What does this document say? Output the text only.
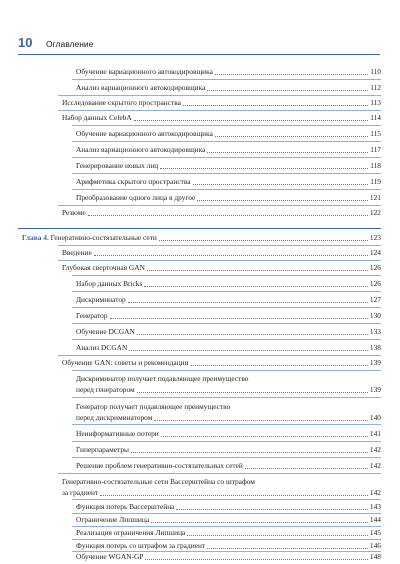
10 Оглавление
Обучение вариационного автокодировщика	110
Анализ вариационного автокодировщика	112
Исследование скрытого пространства	113
Набор данных CelebA	114
Обучение вариационного автокодировщика	115
Анализ вариационного автокодировщика	117
Генерирование новых лиц	118
Арифметика скрытого пространства	119
Преобразование одного лица в другое	121
Резюме	122
Глава 4. Генеративно-состязательные сети	123
Введение	124
Глубокая сверточная GAN	126
Набор данных Bricks	126
Дискриминатор	127
Генератор	130
Обучение DCGAN	133
Анализ DCGAN	138
Обучение GAN: советы и рекомендации	139
Дискриминатор получает подавляющее преимущество
перед генератором	139
Генератор получает подавляющее преимущество
перед дискриминатором	140
Неинформативные потери	141
Гиперпараметры	142
Решение проблем генеративно-состязательных сетей	142
Генеративно-состязательные сети Вассерштейна со штрафом
за градиент	142
Функция потерь Вассерштейна	143
Ограничение Липшица	144
Реализация ограничения Липшица	145
Функция потерь со штрафом за градиент	146
Обучение WGAN-GP	148
